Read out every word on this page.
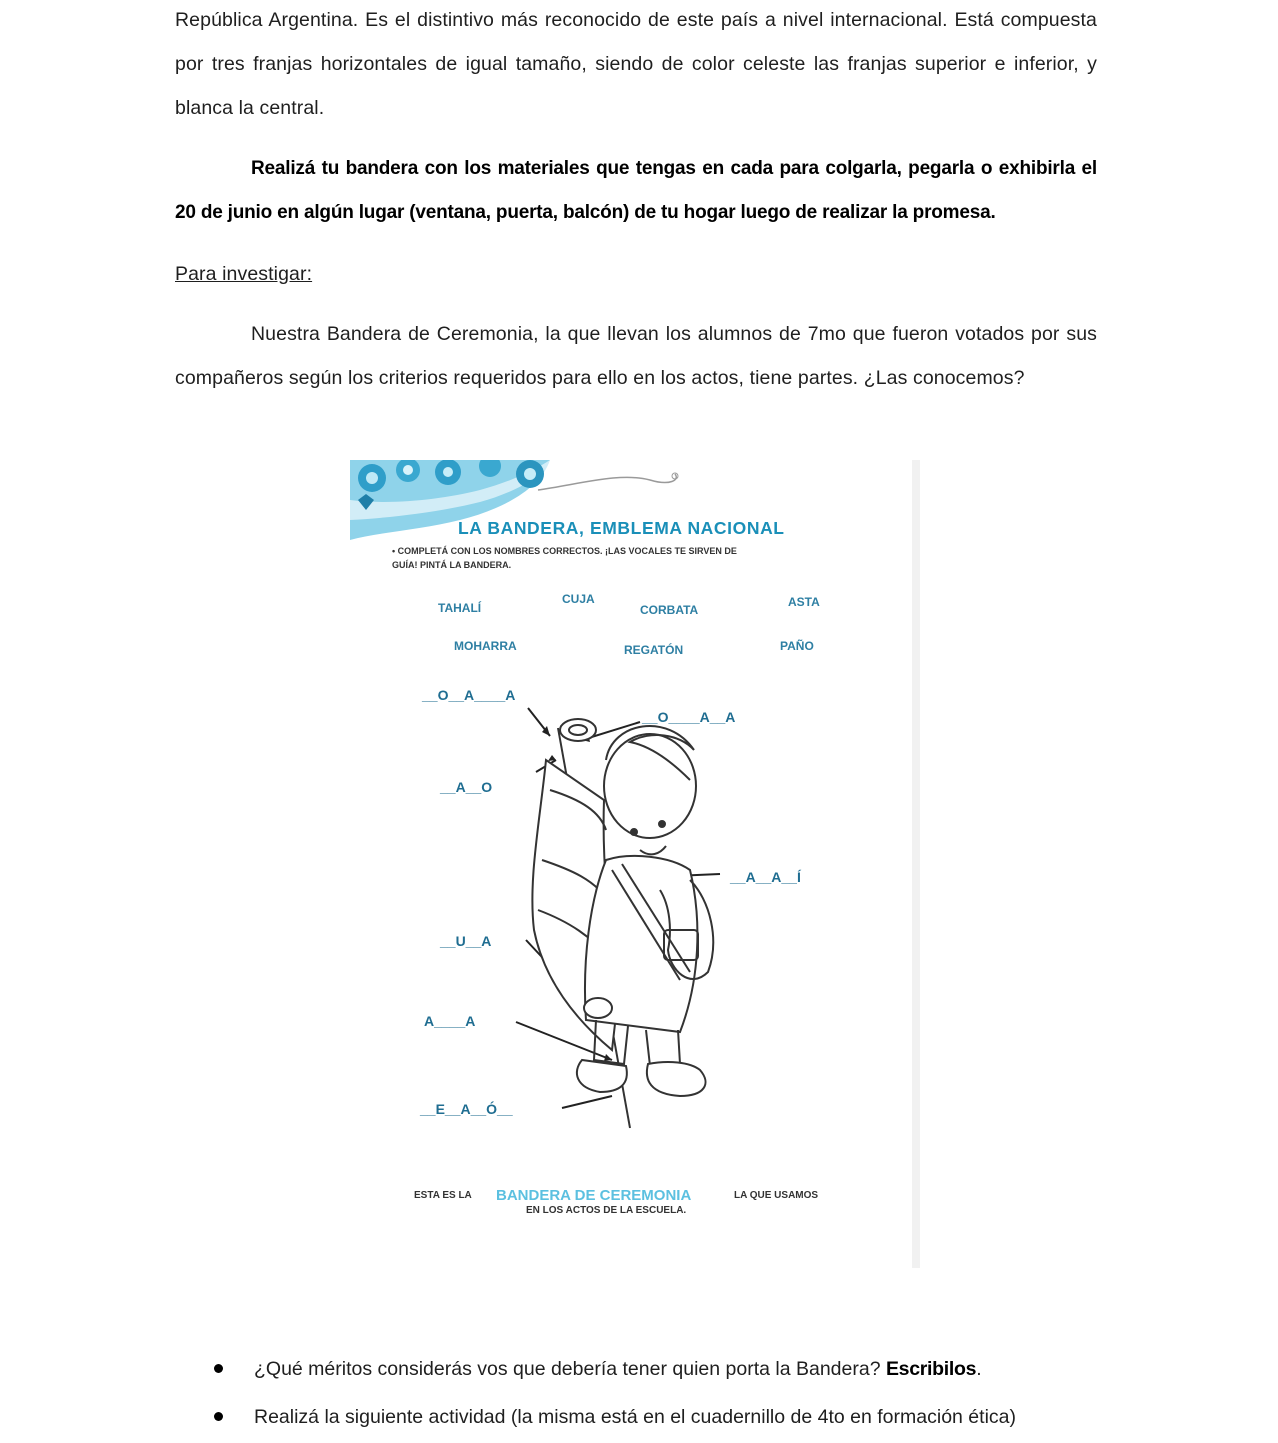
República Argentina. Es el distintivo más reconocido de este país a nivel internacional. Está compuesta por tres franjas horizontales de igual tamaño, siendo de color celeste las franjas superior e inferior, y blanca la central.
Realizá tu bandera con los materiales que tengas en cada para colgarla, pegarla o exhibirla el 20 de junio en algún lugar (ventana, puerta, balcón) de tu hogar luego de realizar la promesa.
Para investigar:
Nuestra Bandera de Ceremonia, la que llevan los alumnos de 7mo que fueron votados por sus compañeros según los criterios requeridos para ello en los actos, tiene partes. ¿Las conocemos?
LA BANDERA, EMBLEMA NACIONAL
• COMPLETÁ CON LOS NOMBRES CORRECTOS. ¡LAS VOCALES TE SIRVEN DE
GUÍA! PINTÁ LA BANDERA.
TAHALÍ
CUJA
CORBATA
ASTA
MOHARRA	REGATÓN	PAÑO
__O__A____A
__O____A__A
__A__O
__A__A__Í
__U__A
A____A
__E__A__Ó__
ESTA ES LA BANDERA DE CEREMONIA	LA QUE USAMOS
EN LOS ACTOS DE LA ESCUELA.
¿Qué méritos considerás vos que debería tener quien porta la Bandera? Escribilos.
Realizá la siguiente actividad (la misma está en el cuadernillo de 4to en formación ética)
